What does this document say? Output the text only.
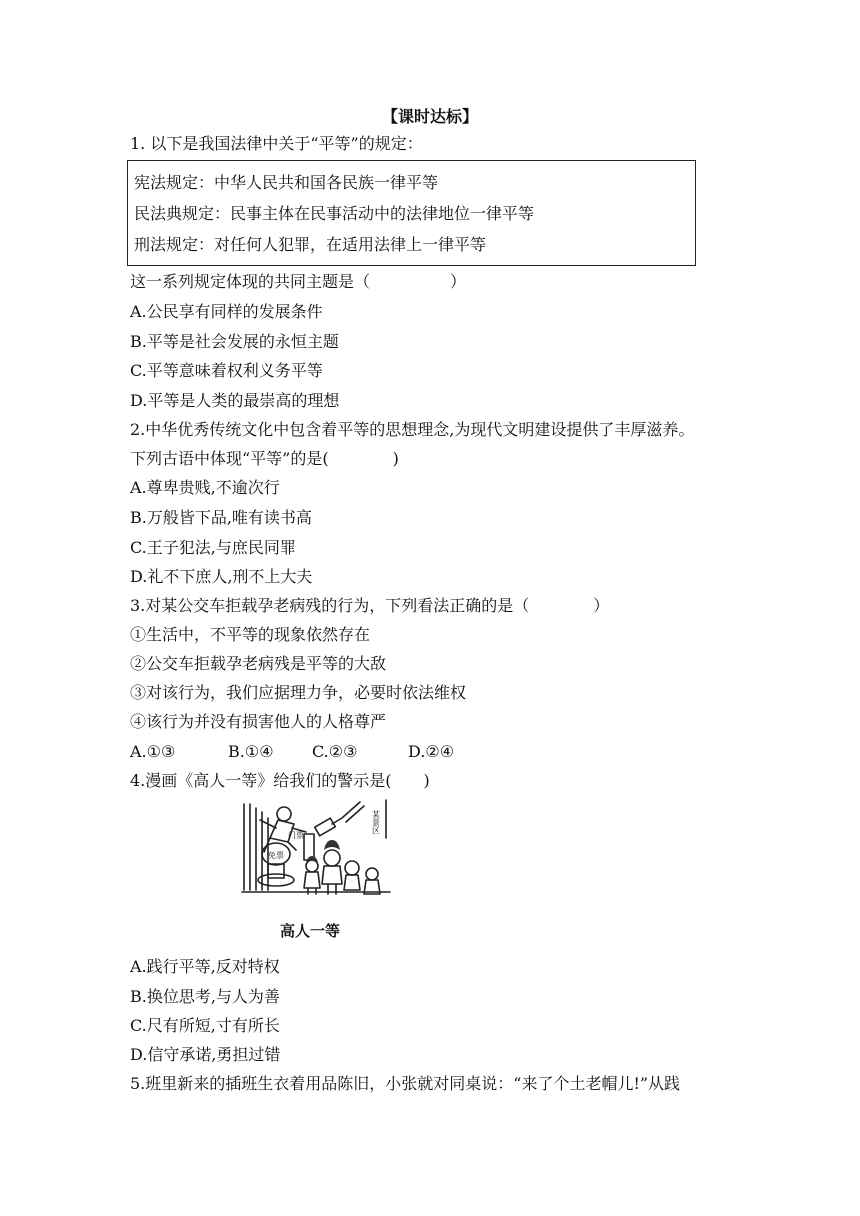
【课时达标】
1. 以下是我国法律中关于“平等”的规定：
宪法规定：中华人民共和国各民族一律平等
民法典规定：民事主体在民事活动中的法律地位一律平等
刑法规定：对任何人犯罪，在适用法律上一律平等
这一系列规定体现的共同主题是（　　　　　）
A.公民享有同样的发展条件
B.平等是社会发展的永恒主题
C.平等意味着权利义务平等
D.平等是人类的最崇高的理想
2.中华优秀传统文化中包含着平等的思想理念,为现代文明建设提供了丰厚滋养。
下列古语中体现“平等”的是(　　　　)
A.尊卑贵贱,不逾次行
B.万般皆下品,唯有读书高
C.王子犯法,与庶民同罪
D.礼不下庶人,刑不上大夫
3.对某公交车拒载孕老病残的行为，下列看法正确的是（　　　　）
①生活中，不平等的现象依然存在
②公交车拒载孕老病残是平等的大敌
③对该行为，我们应据理力争，必要时依法维权
④该行为并没有损害他人的人格尊严
A.①③	B.①④ C.②③	D.②④
4.漫画《高人一等》给我们的警示是(　　)
某景区
门票
免票
高人一等
A.践行平等,反对特权
B.换位思考,与人为善
C.尺有所短,寸有所长
D.信守承诺,勇担过错
5.班里新来的插班生衣着用品陈旧，小张就对同桌说：“来了个土老帽儿!”从践
